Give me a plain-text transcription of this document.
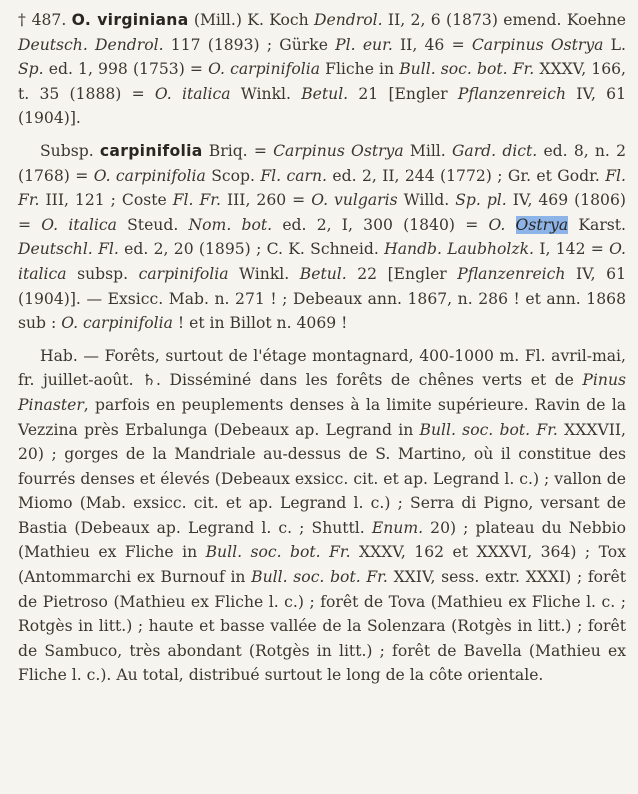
† 487. O. virginiana (Mill.) K. Koch Dendrol. II, 2, 6 (1873) emend. Koehne Deutsch. Dendrol. 117 (1893) ; Gürke Pl. eur. II, 46 = Carpinus Ostrya L. Sp. ed. 1, 998 (1753) = O. carpinifolia Fliche in Bull. soc. bot. Fr. XXXV, 166, t. 35 (1888) = O. italica Winkl. Betul. 21 [Engler Pflanzenreich IV, 61 (1904)].

Subsp. carpinifolia Briq. = Carpinus Ostrya Mill. Gard. dict. ed. 8, n. 2 (1768) = O. carpinifolia Scop. Fl. carn. ed. 2, II, 244 (1772) ; Gr. et Godr. Fl. Fr. III, 121 ; Coste Fl. Fr. III, 260 = O. vulgaris Willd. Sp. pl. IV, 469 (1806) = O. italica Steud. Nom. bot. ed. 2, I, 300 (1840) = O. Ostrya Karst. Deutschl. Fl. ed. 2, 20 (1895) ; C. K. Schneid. Handb. Laubholzk. I, 142 = O. italica subsp. carpinifolia Winkl. Betul. 22 [Engler Pflanzenreich IV, 61 (1904)]. — Exsicc. Mab. n. 271 ! ; Debeaux ann. 1867, n. 286 ! et ann. 1868 sub : O. carpinifolia ! et in Billot n. 4069 !

Hab. — Forêts, surtout de l'étage montagnard, 400-1000 m. Fl. avril-mai, fr. juillet-août. ♄. Disséminé dans les forêts de chênes verts et de Pinus Pinaster, parfois en peuplements denses à la limite supérieure. Ravin de la Vezzina près Erbalunga (Debeaux ap. Legrand in Bull. soc. bot. Fr. XXXVII, 20) ; gorges de la Mandriale au-dessus de S. Martino, où il constitue des fourrés denses et élevés (Debeaux exsicc. cit. et ap. Legrand l. c.) ; vallon de Miomo (Mab. exsicc. cit. et ap. Legrand l. c.) ; Serra di Pigno, versant de Bastia (Debeaux ap. Legrand l. c. ; Shuttl. Enum. 20) ; plateau du Nebbio (Mathieu ex Fliche in Bull. soc. bot. Fr. XXXV, 162 et XXXVI, 364) ; Tox (Antommarchi ex Burnouf in Bull. soc. bot. Fr. XXIV, sess. extr. XXXI) ; forêt de Pietroso (Mathieu ex Fliche l. c.) ; forêt de Tova (Mathieu ex Fliche l. c. ; Rotgès in litt.) ; haute et basse vallée de la Solenzara (Rotgès in litt.) ; forêt de Sambuco, très abondant (Rotgès in litt.) ; forêt de Bavella (Mathieu ex Fliche l. c.). Au total, distribué surtout le long de la côte orientale.
